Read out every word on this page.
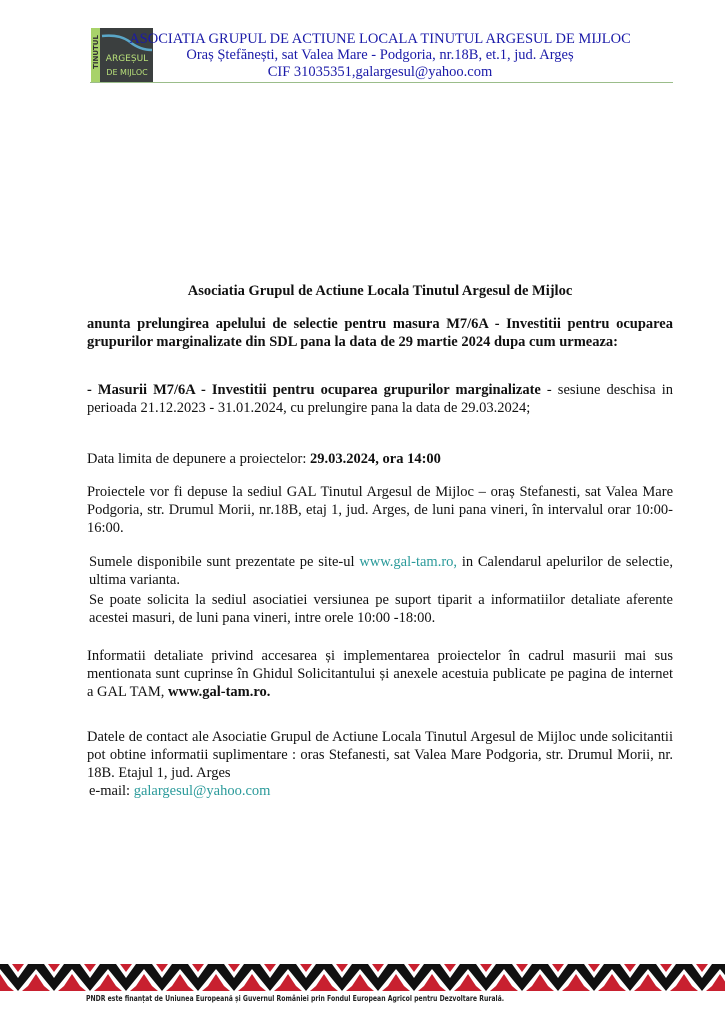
TINUTUL ARGEȘUL
DE MIJLOC
ASOCIATIA GRUPUL DE ACTIUNE LOCALA TINUTUL ARGESUL DE MIJLOC
Oraș Ștefănești, sat Valea Mare - Podgoria, nr.18B, et.1, jud. Argeș
CIF 31035351,galargesul@yahoo.com
Asociatia Grupul de Actiune Locala Tinutul Argesul de Mijloc
anunta prelungirea apelului de selectie pentru masura M7/6A - Investitii pentru ocuparea grupurilor marginalizate din SDL pana la data de 29 martie 2024 dupa cum urmeaza:
- Masurii M7/6A - Investitii pentru ocuparea grupurilor marginalizate - sesiune deschisa in perioada 21.12.2023 - 31.01.2024, cu prelungire pana la data de 29.03.2024;
Data limita de depunere a proiectelor: 29.03.2024, ora 14:00
Proiectele vor fi depuse la sediul GAL Tinutul Argesul de Mijloc – oraș Stefanesti, sat Valea Mare Podgoria, str. Drumul Morii, nr.18B, etaj 1, jud. Arges, de luni pana vineri, în intervalul orar 10:00-16:00.
Sumele disponibile sunt prezentate pe site-ul www.gal-tam.ro, in Calendarul apelurilor de selectie, ultima varianta.
Se poate solicita la sediul asociatiei versiunea pe suport tiparit a informatiilor detaliate aferente acestei masuri, de luni pana vineri, intre orele 10:00 -18:00.
Informatii detaliate privind accesarea și implementarea proiectelor în cadrul masurii mai sus mentionata sunt cuprinse în Ghidul Solicitantului și anexele acestuia publicate pe pagina de internet a GAL TAM, www.gal-tam.ro.
Datele de contact ale Asociatie Grupul de Actiune Locala Tinutul Argesul de Mijloc unde solicitantii pot obtine informatii suplimentare : oras Stefanesti, sat Valea Mare Podgoria, str. Drumul Morii, nr. 18B. Etajul 1, jud. Arges
e-mail: galargesul@yahoo.com
PNDR este finanțat de Uniunea Europeană și Guvernul României prin Fondul European Agricol pentru Dezvoltare Rurală.
